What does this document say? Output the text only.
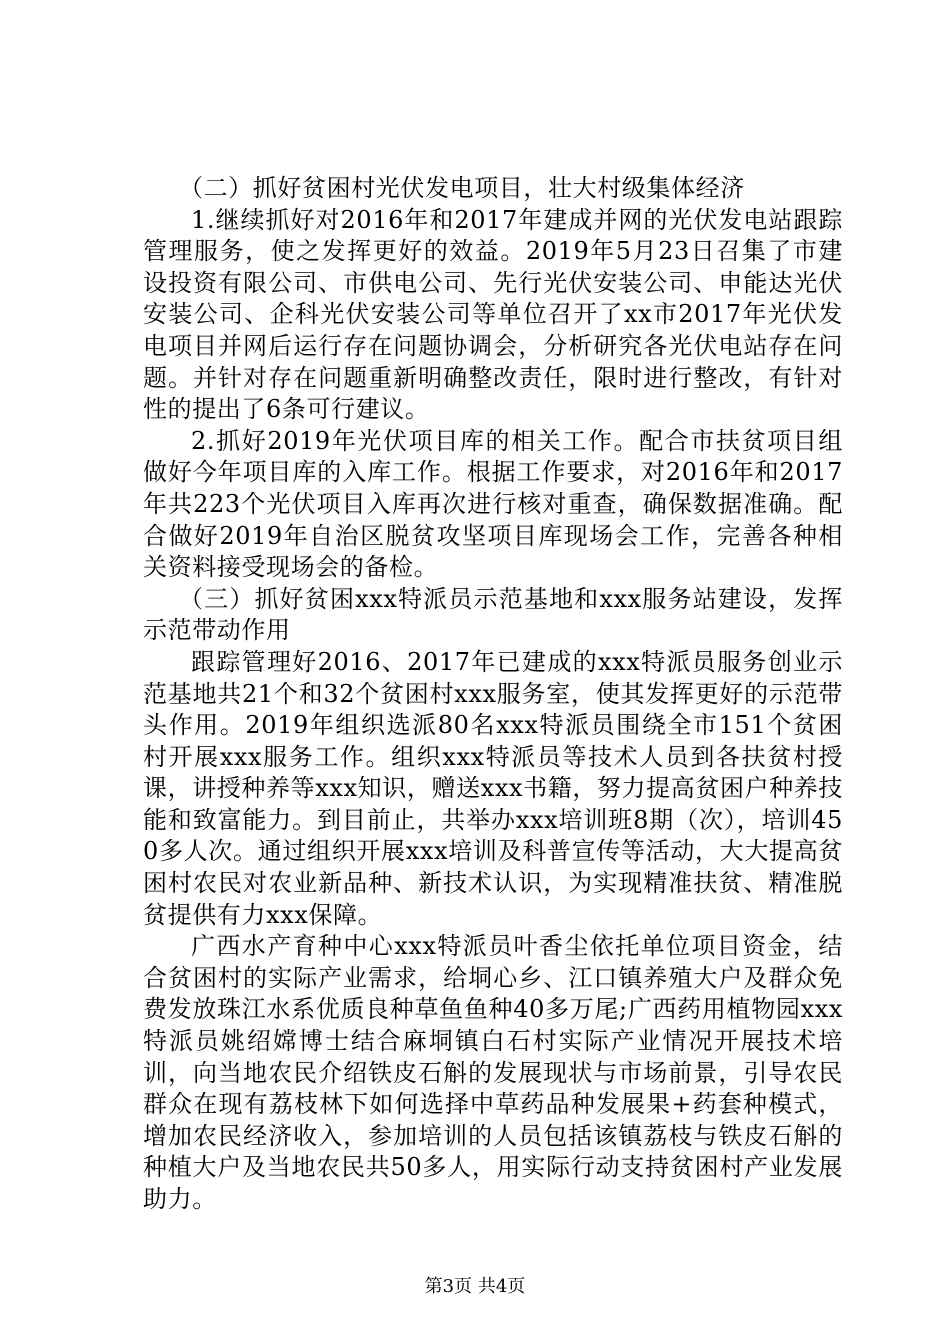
（二）抓好贫困村光伏发电项目，壮大村级集体经济

1.继续抓好对2016年和2017年建成并网的光伏发电站跟踪管理服务，使之发挥更好的效益。2019年5月23日召集了市建设投资有限公司、市供电公司、先行光伏安装公司、申能达光伏安装公司、企科光伏安装公司等单位召开了xx市2017年光伏发电项目并网后运行存在问题协调会，分析研究各光伏电站存在问题。并针对存在问题重新明确整改责任，限时进行整改，有针对性的提出了6条可行建议。

2.抓好2019年光伏项目库的相关工作。配合市扶贫项目组做好今年项目库的入库工作。根据工作要求，对2016年和2017年共223个光伏项目入库再次进行核对重查，确保数据准确。配合做好2019年自治区脱贫攻坚项目库现场会工作，完善各种相关资料接受现场会的备检。

（三）抓好贫困xxx特派员示范基地和xxx服务站建设，发挥示范带动作用

跟踪管理好2016、2017年已建成的xxx特派员服务创业示范基地共21个和32个贫困村xxx服务室，使其发挥更好的示范带头作用。2019年组织选派80名xxx特派员围绕全市151个贫困村开展xxx服务工作。组织xxx特派员等技术人员到各扶贫村授课，讲授种养等xxx知识，赠送xxx书籍，努力提高贫困户种养技能和致富能力。到目前止，共举办xxx培训班8期（次），培训450多人次。通过组织开展xxx培训及科普宣传等活动，大大提高贫困村农民对农业新品种、新技术认识，为实现精准扶贫、精准脱贫提供有力xxx保障。

广西水产育种中心xxx特派员叶香尘依托单位项目资金，结合贫困村的实际产业需求，给垌心乡、江口镇养殖大户及群众免费发放珠江水系优质良种草鱼鱼种40多万尾;广西药用植物园xxx特派员姚绍嫦博士结合麻垌镇白石村实际产业情况开展技术培训，向当地农民介绍铁皮石斛的发展现状与市场前景，引导农民群众在现有荔枝林下如何选择中草药品种发展果+药套种模式，增加农民经济收入，参加培训的人员包括该镇荔枝与铁皮石斛的种植大户及当地农民共50多人，用实际行动支持贫困村产业发展助力。

第3页 共4页
